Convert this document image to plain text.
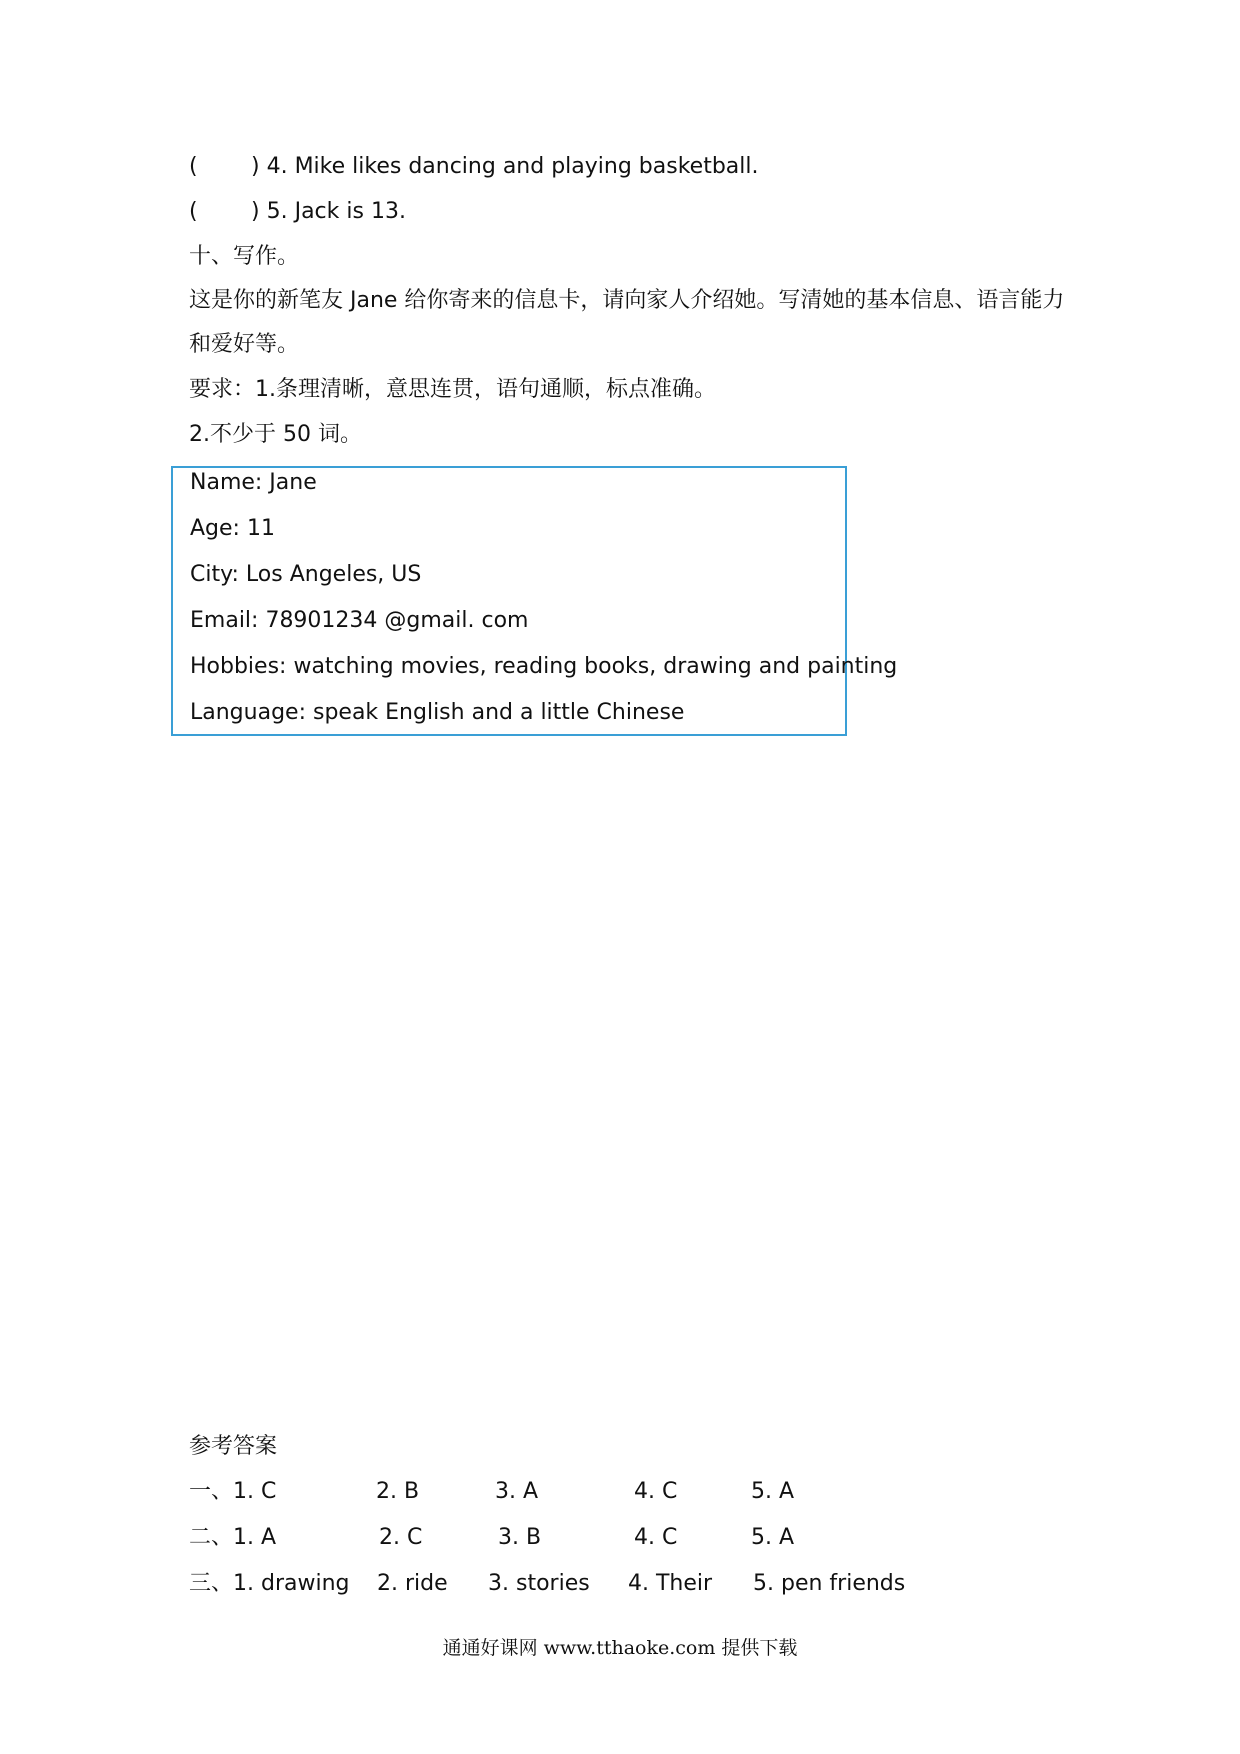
( ) 4. Mike likes dancing and playing basketball.
( ) 5. Jack is 13.
十、写作。
这是你的新笔友 Jane 给你寄来的信息卡，请向家人介绍她。写清她的基本信息、语言能力
和爱好等。
要求：1.条理清晰，意思连贯，语句通顺，标点准确。
2.不少于 50 词。
Name: Jane
Age: 11
City: Los Angeles, US
Email: 78901234 @gmail. com
Hobbies: watching movies, reading books, drawing and painting
Language: speak English and a little Chinese
参考答案
一、1. C	2. B	3. A	4. C	5. A
二、1. A	2. C	3. B	4. C	5. A
三、1. drawing 2. ride 3. stories 4. Their 5. pen friends
通通好课网 www.tthaoke.com 提供下载
